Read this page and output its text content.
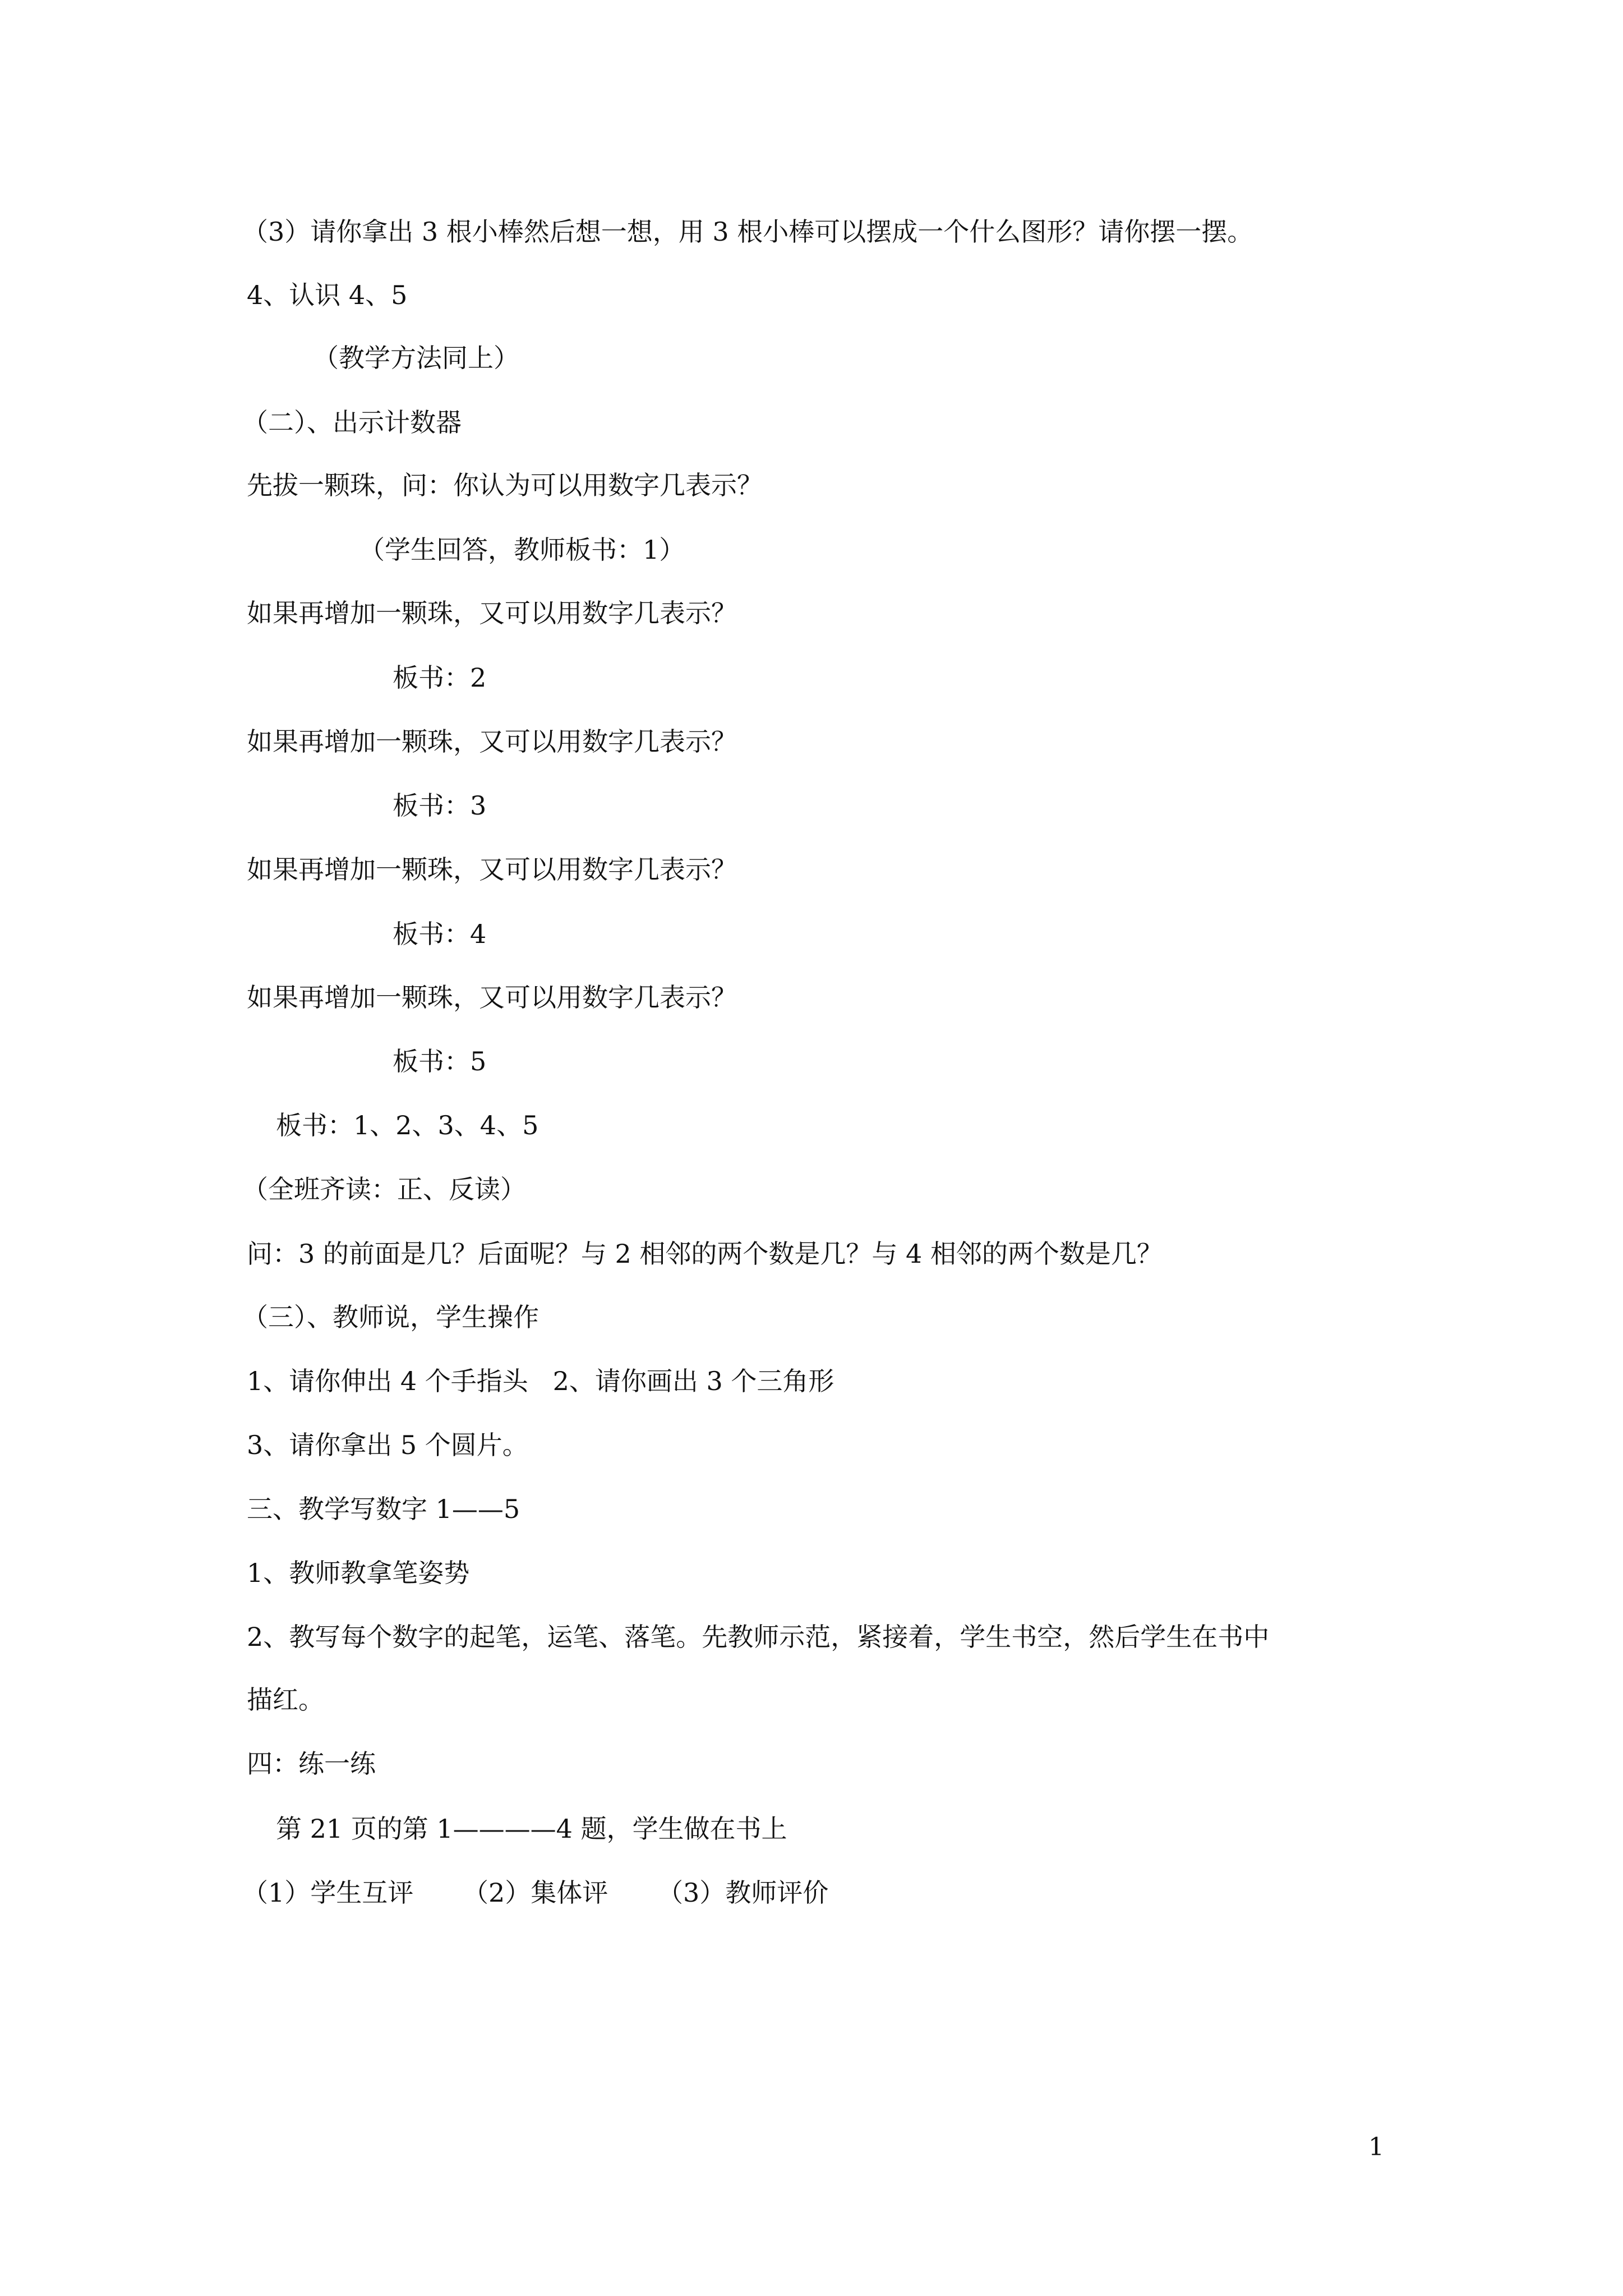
（3）请你拿出 3 根小棒然后想一想，用 3 根小棒可以摆成一个什么图形？请你摆一摆。
4、认识 4、5
（教学方法同上）
（二）、出示计数器
先拔一颗珠，问：你认为可以用数字几表示？
（学生回答，教师板书：1）
如果再增加一颗珠，又可以用数字几表示？
板书：2
如果再增加一颗珠，又可以用数字几表示？
板书：3
如果再增加一颗珠，又可以用数字几表示？
板书：4
如果再增加一颗珠，又可以用数字几表示？
板书：5
板书：1、2、3、4、5
（全班齐读：正、反读）
问：3 的前面是几？后面呢？与 2 相邻的两个数是几？与 4 相邻的两个数是几？
（三）、教师说，学生操作
1、请你伸出 4 个手指头   2、请你画出 3 个三角形
3、请你拿出 5 个圆片。
三、教学写数字 1——5
1、教师教拿笔姿势
2、教写每个数字的起笔，运笔、落笔。先教师示范，紧接着，学生书空，然后学生在书中
描红。
四：练一练
第 21 页的第 1————4 题，学生做在书上
（1）学生互评      （2）集体评      （3）教师评价
1
